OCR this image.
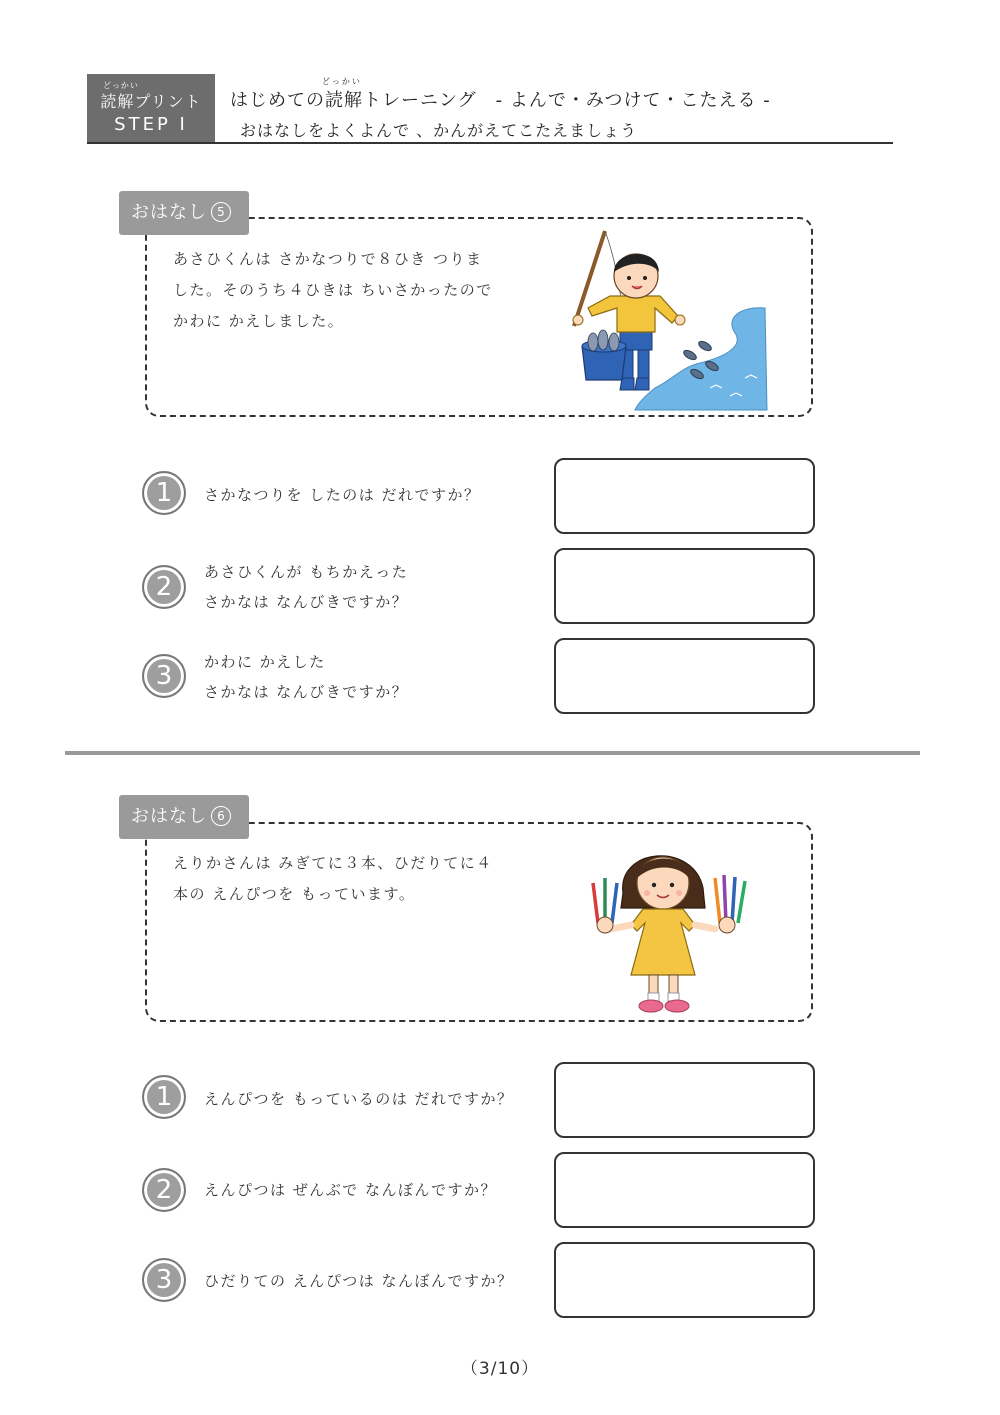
どっかい
読解プリント
STEP I
どっかい
はじめての読解トレーニング　- よんで・みつけて・こたえる -
おはなしをよくよんで 、かんがえてこたえましょう
おはなし 5
あさひくんは さかなつりで８ひき つりま
した。そのうち４ひきは ちいさかったので
かわに かえしました。
1	さかなつりを したのは だれですか？
2	あさひくんが もちかえった
さかなは なんびきですか？
3	かわに かえした
さかなは なんびきですか？
おはなし 6
えりかさんは みぎてに３本、ひだりてに４
本の えんぴつを もっています。
1	えんぴつを もっているのは だれですか？
2	えんぴつは ぜんぶで なんぼんですか？
3	ひだりての えんぴつは なんぼんですか？
（3/10）
